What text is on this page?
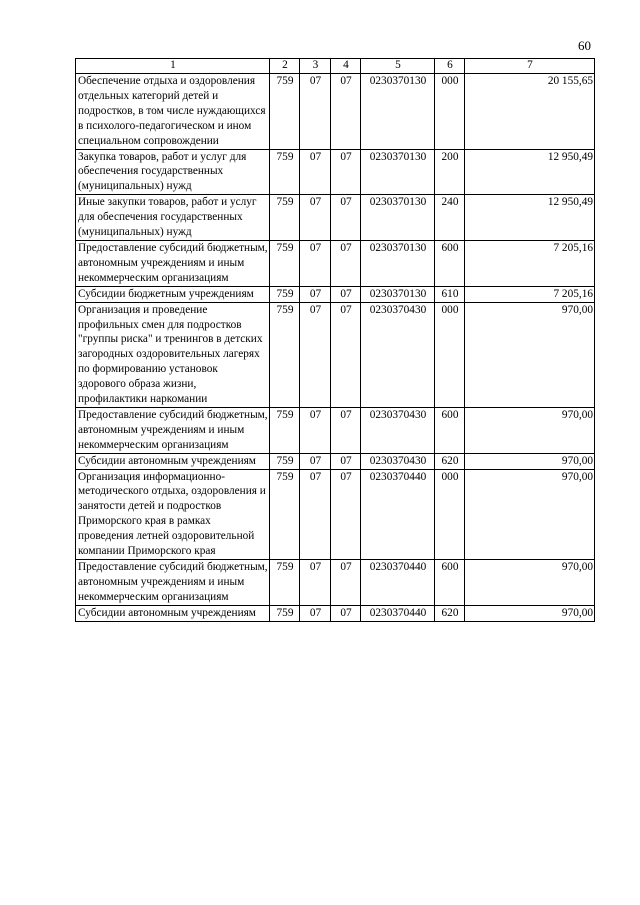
60
1	2	3	4	5	6	7
Обеспечение отдыха и оздоровления отдельных категорий детей и подростков, в том числе нуждающихся в психолого-педагогическом и ином специальном сопровождении	759	07	07	0230370130	000	20 155,65
Закупка товаров, работ и услуг для обеспечения государственных (муниципальных) нужд	759	07	07	0230370130	200	12 950,49
Иные закупки товаров, работ и услуг для обеспечения государственных (муниципальных) нужд	759	07	07	0230370130	240	12 950,49
Предоставление субсидий бюджетным, автономным учреждениям и иным некоммерческим организациям	759	07	07	0230370130	600	7 205,16
Субсидии бюджетным учреждениям	759	07	07	0230370130	610	7 205,16
Организация и проведение профильных смен для подростков "группы риска" и тренингов в детских загородных оздоровительных лагерях по формированию установок здорового образа жизни, профилактики наркомании	759	07	07	0230370430	000	970,00
Предоставление субсидий бюджетным, автономным учреждениям и иным некоммерческим организациям	759	07	07	0230370430	600	970,00
Субсидии автономным учреждениям	759	07	07	0230370430	620	970,00
Организация информационно-методического отдыха, оздоровления и занятости детей и подростков Приморского края в рамках проведения летней оздоровительной компании Приморского края	759	07	07	0230370440	000	970,00
Предоставление субсидий бюджетным, автономным учреждениям и иным некоммерческим организациям	759	07	07	0230370440	600	970,00
Субсидии автономным учреждениям	759	07	07	0230370440	620	970,00
